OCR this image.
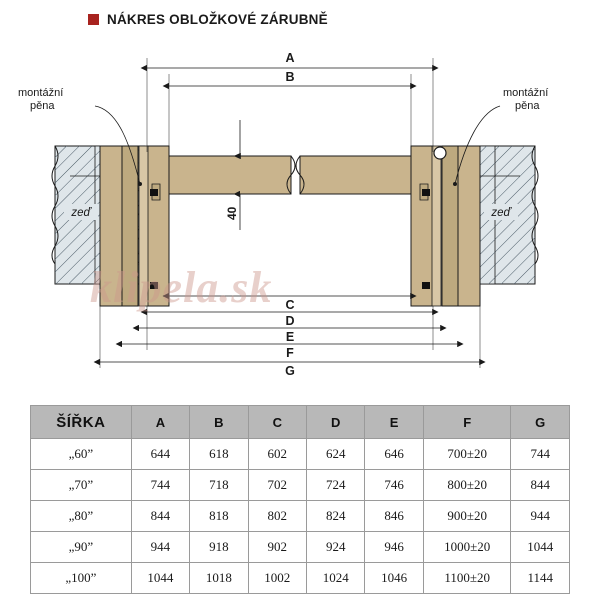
NÁKRES OBLOŽKOVÉ ZÁRUBNĚ
40
A
B
C
D
E
F
G
montážní
pěna
montážní
pěna
zeď	zeď
klipela.sk
ŠÍŘKA	A	B	C	D	E	F	G
„60”	644	618	602	624	646	700±20	744
„70”	744	718	702	724	746	800±20	844
„80”	844	818	802	824	846	900±20	944
„90”	944	918	902	924	946	1000±20	1044
„100”	1044	1018	1002	1024	1046	1100±20	1144
